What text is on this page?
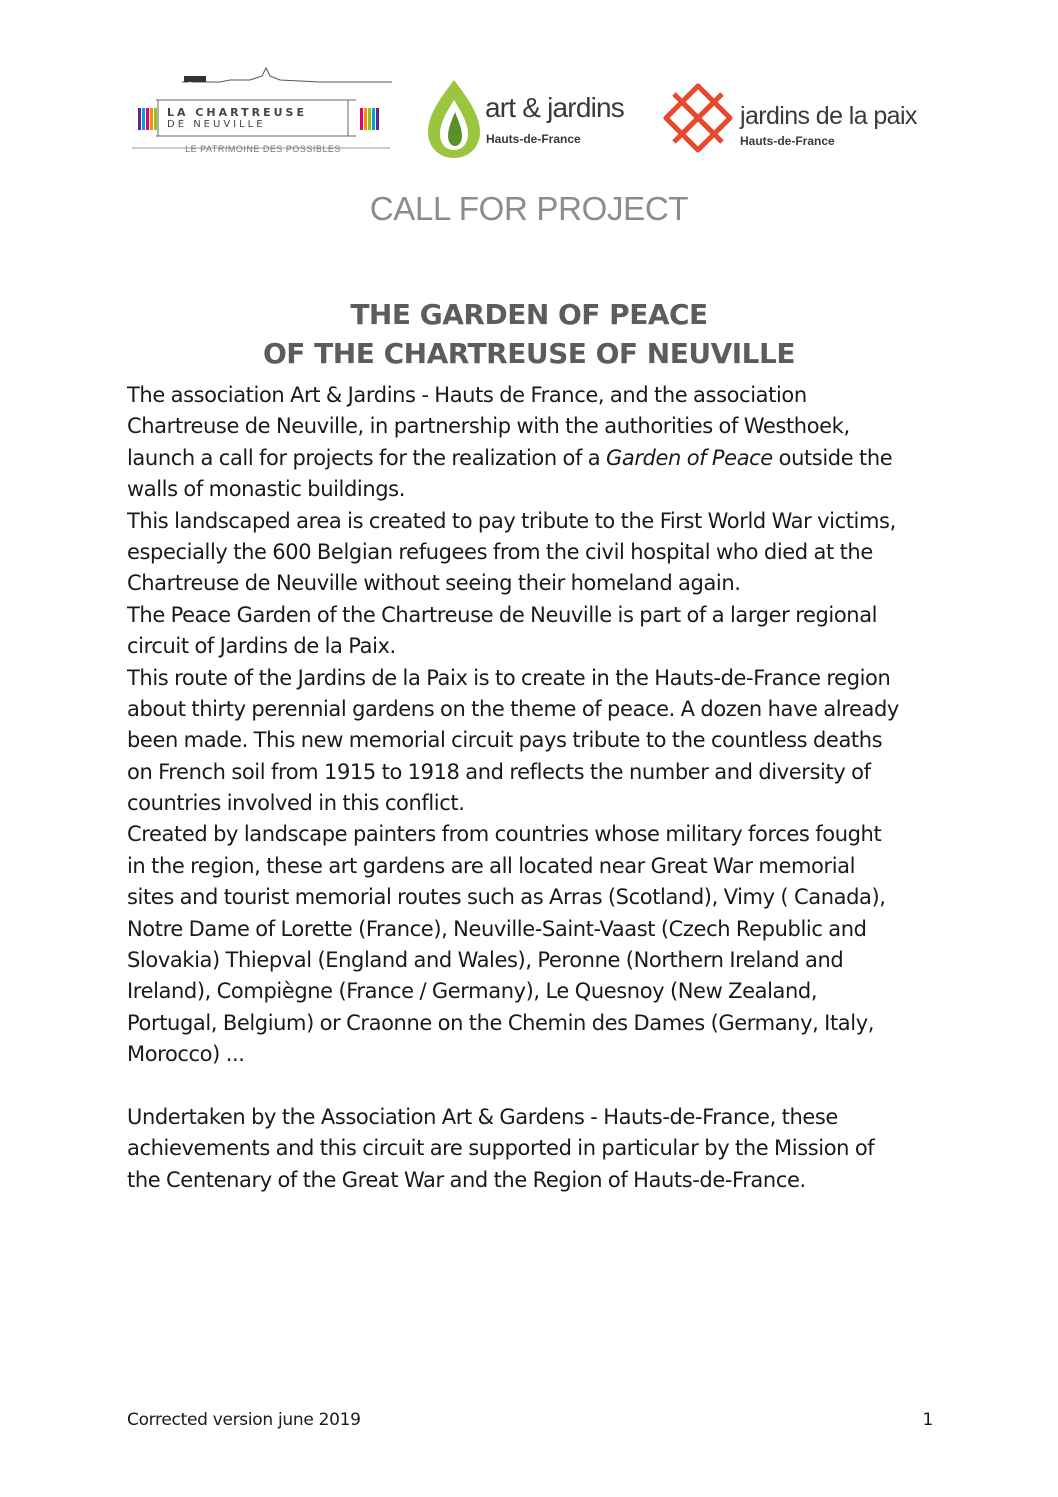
LA CHARTREUSE
DE NEUVILLE
LE PATRIMOINE DES POSSIBLES
art & jardins
Hauts-de-France
jardins de la paix
Hauts-de-France
CALL FOR PROJECT
THE GARDEN OF PEACE
OF THE CHARTREUSE OF NEUVILLE
The association Art & Jardins - Hauts de France, and the association
Chartreuse de Neuville, in partnership with the authorities of Westhoek,
launch a call for projects for the realization of a Garden of Peace outside the
walls of monastic buildings.
This landscaped area is created to pay tribute to the First World War victims,
especially the 600 Belgian refugees from the civil hospital who died at the
Chartreuse de Neuville without seeing their homeland again.
The Peace Garden of the Chartreuse de Neuville is part of a larger regional
circuit of Jardins de la Paix.
This route of the Jardins de la Paix is to create in the Hauts-de-France region
about thirty perennial gardens on the theme of peace. A dozen have already
been made. This new memorial circuit pays tribute to the countless deaths
on French soil from 1915 to 1918 and reflects the number and diversity of
countries involved in this conflict.
Created by landscape painters from countries whose military forces fought
in the region, these art gardens are all located near Great War memorial
sites and tourist memorial routes such as Arras (Scotland), Vimy ( Canada),
Notre Dame of Lorette (France), Neuville-Saint-Vaast (Czech Republic and
Slovakia) Thiepval (England and Wales), Peronne (Northern Ireland and
Ireland), Compiègne (France / Germany), Le Quesnoy (New Zealand,
Portugal, Belgium) or Craonne on the Chemin des Dames (Germany, Italy,
Morocco) ...
Undertaken by the Association Art & Gardens - Hauts-de-France, these
achievements and this circuit are supported in particular by the Mission of
the Centenary of the Great War and the Region of Hauts-de-France.
Corrected version june 2019	1
